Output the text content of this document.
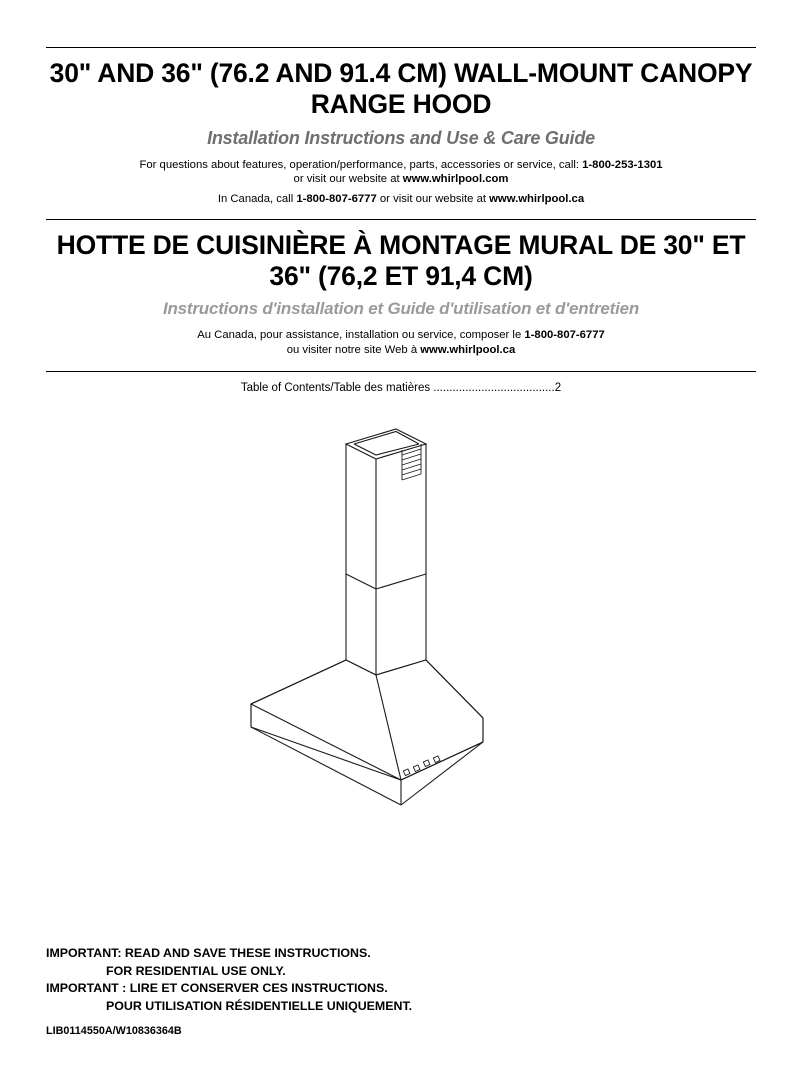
30" AND 36" (76.2 AND 91.4 CM) WALL-MOUNT CANOPY RANGE HOOD
Installation Instructions and Use & Care Guide
For questions about features, operation/performance, parts, accessories or service, call: 1-800-253-1301
or visit our website at www.whirlpool.com
In Canada, call 1-800-807-6777 or visit our website at www.whirlpool.ca
HOTTE DE CUISINIÈRE À MONTAGE MURAL DE 30" ET 36" (76,2 ET 91,4 CM)
Instructions d'installation et Guide d'utilisation et d'entretien
Au Canada, pour assistance, installation ou service, composer le 1-800-807-6777
ou visiter notre site Web à www.whirlpool.ca
Table of Contents/Table des matières ......................................2
IMPORTANT: READ AND SAVE THESE INSTRUCTIONS.
FOR RESIDENTIAL USE ONLY.
IMPORTANT : LIRE ET CONSERVER CES INSTRUCTIONS.
POUR UTILISATION RÉSIDENTIELLE UNIQUEMENT.
LIB0114550A/W10836364B
